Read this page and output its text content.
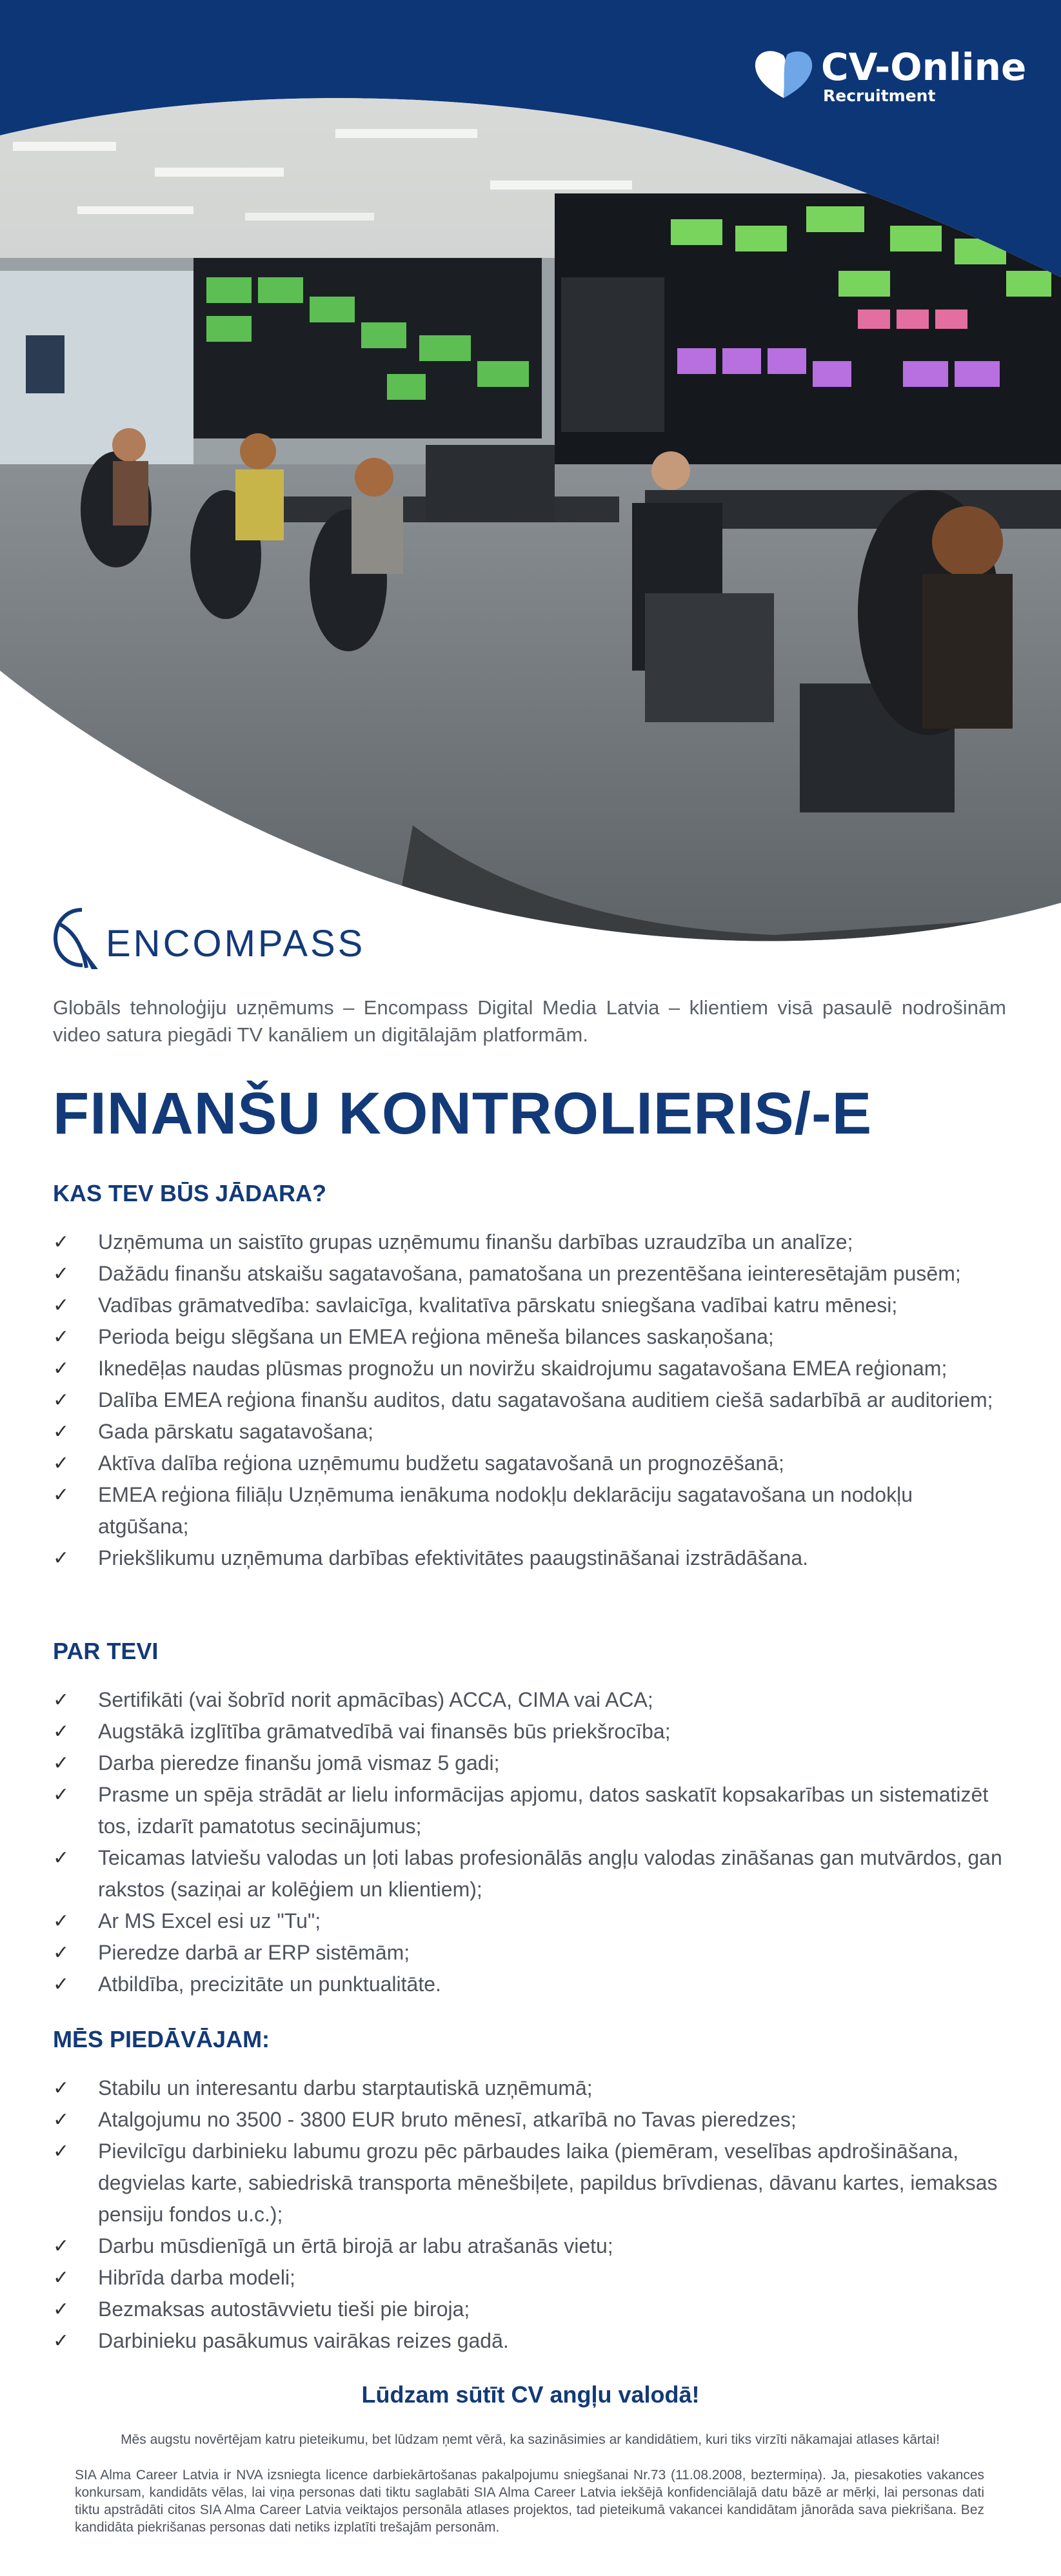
CV-Online
Recruitment
ENCOMPASS
Globāls tehnoloģiju uzņēmums – Encompass Digital Media Latvia – klientiem visā pasaulē nodrošinām video satura piegādi TV kanāliem un digitālajām platformām.
FINANŠU KONTROLIERIS/-E
KAS TEV BŪS JĀDARA?
✓ Uzņēmuma un saistīto grupas uzņēmumu finanšu darbības uzraudzība un analīze;
✓ Dažādu finanšu atskaišu sagatavošana, pamatošana un prezentēšana ieinteresētajām pusēm;
✓ Vadības grāmatvedība: savlaicīga, kvalitatīva pārskatu sniegšana vadībai katru mēnesi;
✓ Perioda beigu slēgšana un EMEA reģiona mēneša bilances saskaņošana;
✓ Iknedēļas naudas plūsmas prognožu un noviržu skaidrojumu sagatavošana EMEA reģionam;
✓ Dalība EMEA reģiona finanšu auditos, datu sagatavošana auditiem ciešā sadarbībā ar auditoriem;
✓ Gada pārskatu sagatavošana;
✓ Aktīva dalība reģiona uzņēmumu budžetu sagatavošanā un prognozēšanā;
✓ EMEA reģiona filiāļu Uzņēmuma ienākuma nodokļu deklarāciju sagatavošana un nodokļu atgūšana;
✓ Priekšlikumu uzņēmuma darbības efektivitātes paaugstināšanai izstrādāšana.
PAR TEVI
✓ Sertifikāti (vai šobrīd norit apmācības) ACCA, CIMA vai ACA;
✓ Augstākā izglītība grāmatvedībā vai finansēs būs priekšrocība;
✓ Darba pieredze finanšu jomā vismaz 5 gadi;
✓ Prasme un spēja strādāt ar lielu informācijas apjomu, datos saskatīt kopsakarības un sistematizēt tos, izdarīt pamatotus secinājumus;
✓ Teicamas latviešu valodas un ļoti labas profesionālās angļu valodas zināšanas gan mutvārdos, gan rakstos (saziņai ar kolēģiem un klientiem);
✓ Ar MS Excel esi uz "Tu";
✓ Pieredze darbā ar ERP sistēmām;
✓ Atbildība, precizitāte un punktualitāte.
MĒS PIEDĀVĀJAM:
✓ Stabilu un interesantu darbu starptautiskā uzņēmumā;
✓ Atalgojumu no 3500 - 3800 EUR bruto mēnesī, atkarībā no Tavas pieredzes;
✓ Pievilcīgu darbinieku labumu grozu pēc pārbaudes laika (piemēram, veselības apdrošināšana, degvielas karte, sabiedriskā transporta mēnešbiļete, papildus brīvdienas, dāvanu kartes, iemaksas pensiju fondos u.c.);
✓ Darbu mūsdienīgā un ērtā birojā ar labu atrašanās vietu;
✓ Hibrīda darba modeli;
✓ Bezmaksas autostāvvietu tieši pie biroja;
✓ Darbinieku pasākumus vairākas reizes gadā.
Lūdzam sūtīt CV angļu valodā!
Mēs augstu novērtējam katru pieteikumu, bet lūdzam ņemt vērā, ka sazināsimies ar kandidātiem, kuri tiks virzīti nākamajai atlases kārtai!
SIA Alma Career Latvia ir NVA izsniegta licence darbiekārtošanas pakalpojumu sniegšanai Nr.73 (11.08.2008, beztermiņa). Ja, piesakoties vakances konkursam, kandidāts vēlas, lai viņa personas dati tiktu saglabāti SIA Alma Career Latvia iekšējā konfidenciālajā datu bāzē ar mērķi, lai personas dati tiktu apstrādāti citos SIA Alma Career Latvia veiktajos personāla atlases projektos, tad pieteikumā vakancei kandidātam jānorāda sava piekrišana. Bez kandidāta piekrišanas personas dati netiks izplatīti trešajām personām.
